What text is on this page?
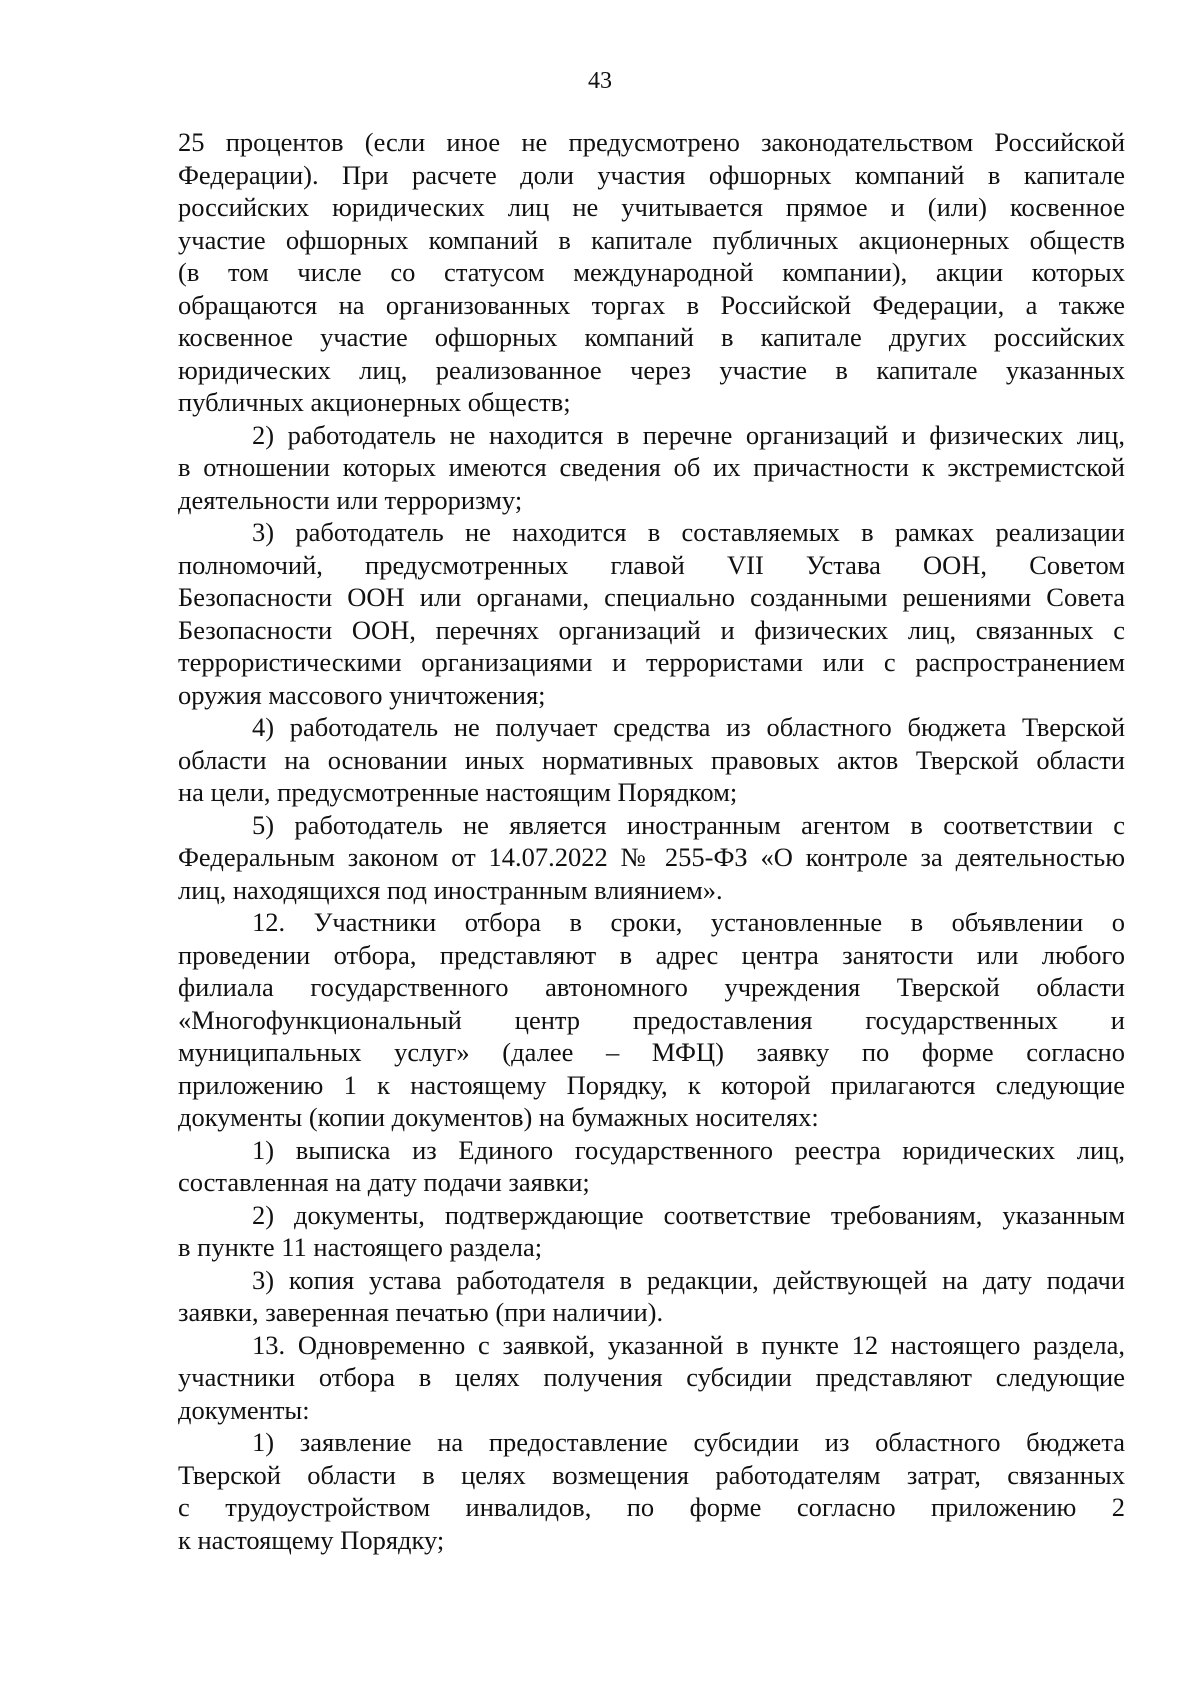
43
25 процентов (если иное не предусмотрено законодательством Российской
Федерации). При расчете доли участия офшорных компаний в капитале
российских юридических лиц не учитывается прямое и (или) косвенное
участие офшорных компаний в капитале публичных акционерных обществ
(в том числе со статусом международной компании), акции которых
обращаются на организованных торгах в Российской Федерации, а также
косвенное участие офшорных компаний в капитале других российских
юридических лиц, реализованное через участие в капитале указанных
публичных акционерных обществ;
2) работодатель не находится в перечне организаций и физических лиц,
в отношении которых имеются сведения об их причастности к экстремистской
деятельности или терроризму;
3) работодатель не находится в составляемых в рамках реализации
полномочий, предусмотренных главой VII Устава ООН, Советом
Безопасности ООН или органами, специально созданными решениями Совета
Безопасности ООН, перечнях организаций и физических лиц, связанных с
террористическими организациями и террористами или с распространением
оружия массового уничтожения;
4) работодатель не получает средства из областного бюджета Тверской
области на основании иных нормативных правовых актов Тверской области
на цели, предусмотренные настоящим Порядком;
5) работодатель не является иностранным агентом в соответствии с
Федеральным законом от 14.07.2022 № 255-ФЗ «О контроле за деятельностью
лиц, находящихся под иностранным влиянием».
12. Участники отбора в сроки, установленные в объявлении о
проведении отбора, представляют в адрес центра занятости или любого
филиала государственного автономного учреждения Тверской области
«Многофункциональный центр предоставления государственных и
муниципальных услуг» (далее – МФЦ) заявку по форме согласно
приложению 1 к настоящему Порядку, к которой прилагаются следующие
документы (копии документов) на бумажных носителях:
1) выписка из Единого государственного реестра юридических лиц,
составленная на дату подачи заявки;
2) документы, подтверждающие соответствие требованиям, указанным
в пункте 11 настоящего раздела;
3) копия устава работодателя в редакции, действующей на дату подачи
заявки, заверенная печатью (при наличии).
13. Одновременно с заявкой, указанной в пункте 12 настоящего раздела,
участники отбора в целях получения субсидии представляют следующие
документы:
1) заявление на предоставление субсидии из областного бюджета
Тверской области в целях возмещения работодателям затрат, связанных
с трудоустройством инвалидов, по форме согласно приложению 2
к настоящему Порядку;
